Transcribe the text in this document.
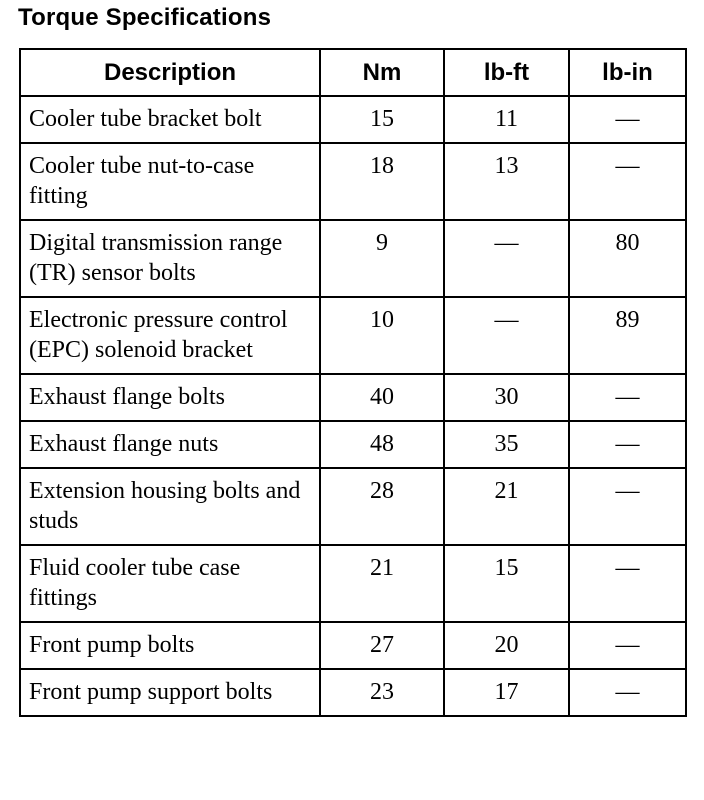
Torque Specifications
Description	Nm	lb-ft	lb-in
Cooler tube bracket bolt	15	11	—
Cooler tube nut-to-case fitting	18	13	—
Digital transmission range (TR) sensor bolts	9	—	80
Electronic pressure control (EPC) solenoid bracket	10	—	89
Exhaust flange bolts	40	30	—
Exhaust flange nuts	48	35	—
Extension housing bolts and studs	28	21	—
Fluid cooler tube case fittings	21	15	—
Front pump bolts	27	20	—
Front pump support bolts	23	17	—
